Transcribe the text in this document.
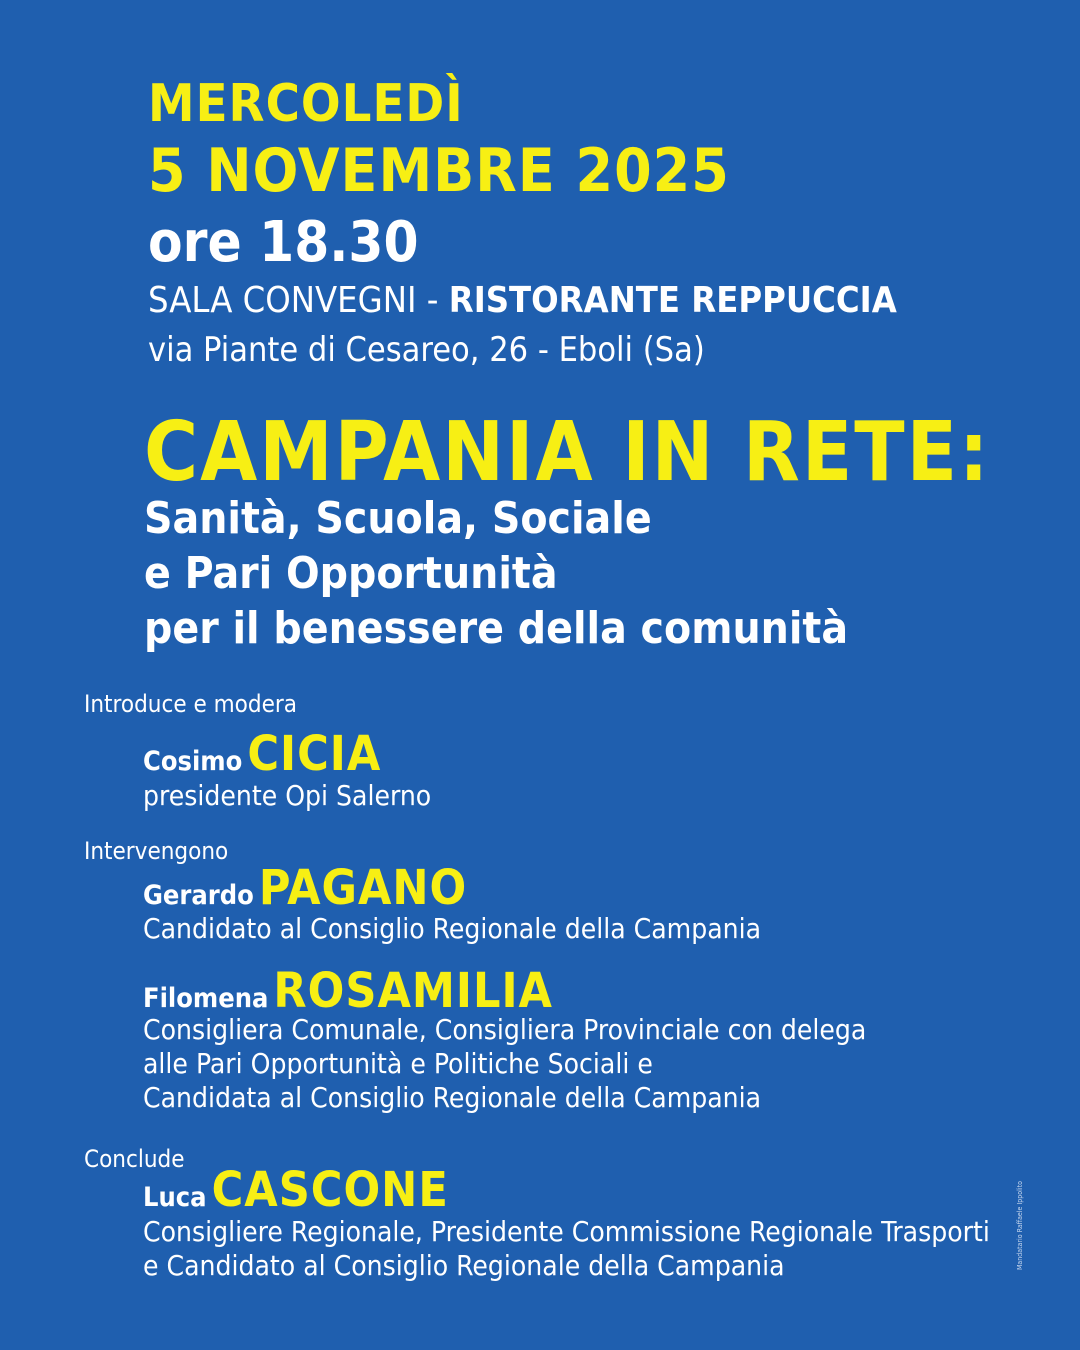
MERCOLEDÌ
5 NOVEMBRE 2025
ore 18.30
SALA CONVEGNI - RISTORANTE REPPUCCIA
via Piante di Cesareo, 26 - Eboli (Sa)
CAMPANIA IN RETE:
Sanità, Scuola, Sociale
e Pari Opportunità
per il benessere della comunità
Introduce e modera
Cosimo CICIA
presidente Opi Salerno
Intervengono
Gerardo PAGANO
Candidato al Consiglio Regionale della Campania
Filomena ROSAMILIA
Consigliera Comunale, Consigliera Provinciale con delega
alle Pari Opportunità e Politiche Sociali e
Candidata al Consiglio Regionale della Campania
Conclude
Luca CASCONE
Consigliere Regionale, Presidente Commissione Regionale Trasporti
e Candidato al Consiglio Regionale della Campania	Mandatario Raffaele Ippolito
